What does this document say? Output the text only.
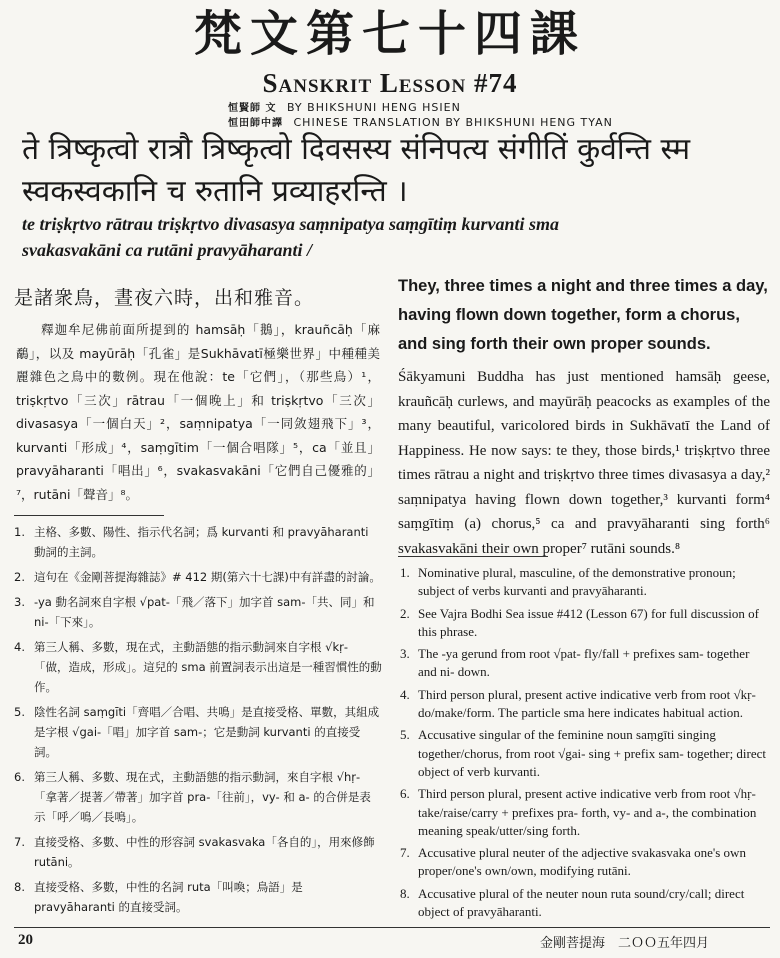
梵文第七十四課
Sanskrit Lesson #74
恒賢師 文 BY BHIKSHUNI HENG HSIEN
恒田師中譯 CHINESE TRANSLATION BY BHIKSHUNI HENG TYAN
ते त्रिष्कृत्वो रात्रौ त्रिष्कृत्वो दिवसस्य संनिपत्य संगीतिं कुर्वन्ति स्म
स्वकस्वकानि च रुतानि प्रव्याहरन्ति ।
te triṣkṛtvo rātrau triṣkṛtvo divasasya saṃnipatya saṃgītiṃ kurvanti sma
svakasvakāni ca rutāni pravyāharanti /
是諸衆鳥，晝夜六時，出和雅音。
釋迦牟尼佛前面所提到的 hamsāḥ「鵝」，krauñcāḥ「麻鷸」，以及 mayūrāḥ「孔雀」是Sukhāvatī極樂世界」中種種美麗雜色之鳥中的數例。現在他說：te「它們」，（那些鳥）¹，triṣkṛtvo「三次」rātrau「一個晚上」和 triṣkṛtvo「三次」divasasya「一個白天」²，saṃnipatya「一同敛翅飛下」³，kurvanti「形成」⁴，saṃgītim「一個合唱隊」⁵，ca「並且」pravyāharanti「唱出」⁶，svakasvakāni「它們自己優雅的」⁷，rutāni「聲音」⁸。
1. 主格、多數、陽性、指示代名詞；爲 kurvanti 和 pravyāharanti 動詞的主詞。
2. 這句在《金剛菩提海雜誌》# 412 期(第六十七課)中有詳盡的討論。
3. -ya 動名詞來自字根 √pat-「飛／落下」加字首 sam-「共、同」和 ni-「下來」。
4. 第三人稱、多數，現在式，主動語態的指示動詞來自字根 √kṛ-「做，造成，形成」。這兒的 sma 前置詞表示出這是一種習慣性的動作。
5. 陰性名詞 saṃgīti「齊唱／合唱、共鳴」是直接受格、單數，其組成是字根 √gai-「唱」加字首 sam-；它是動詞 kurvanti 的直接受詞。
6. 第三人稱、多數、現在式，主動語態的指示動詞，來自字根 √hṛ-「拿著／提著／帶著」加字首 pra-「往前」，vy- 和 a- 的合併是表示「呼／鳴／長鳴」。
7. 直接受格、多數、中性的形容詞 svakasvaka「各自的」，用來修飾 rutāni。
8. 直接受格、多數，中性的名詞 ruta「叫喚；鳥語」是 pravyāharanti 的直接受詞。
They, three times a night and three times a day, having flown down together, form a chorus, and sing forth their own proper sounds.
Śākyamuni Buddha has just mentioned hamsāḥ geese, krauñcāḥ curlews, and mayūrāḥ peacocks as examples of the many beautiful, varicolored birds in Sukhāvatī the Land of Happiness. He now says: te they, those birds,¹ triṣkṛtvo three times rātrau a night and triṣkṛtvo three times divasasya a day,² saṃnipatya having flown down together,³ kurvanti form⁴ saṃgītiṃ (a) chorus,⁵ ca and pravyāharanti sing forth⁶ svakasvakāni their own proper⁷ rutāni sounds.⁸
1. Nominative plural, masculine, of the demonstrative pronoun; subject of verbs kurvanti and pravyāharanti.
2. See Vajra Bodhi Sea issue #412 (Lesson 67) for full discussion of this phrase.
3. The -ya gerund from root √pat- fly/fall + prefixes sam- together and ni- down.
4. Third person plural, present active indicative verb from root √kṛ- do/make/form. The particle sma here indicates habitual action.
5. Accusative singular of the feminine noun saṃgīti singing together/chorus, from root √gai- sing + prefix sam- together; direct object of verb kurvanti.
6. Third person plural, present active indicative verb from root √hṛ- take/raise/carry + prefixes pra- forth, vy- and a-, the combination meaning speak/utter/sing forth.
7. Accusative plural neuter of the adjective svakasvaka one's own proper/one's own/own, modifying rutāni.
8. Accusative plural of the neuter noun ruta sound/cry/call; direct object of pravyāharanti.
20	金剛菩提海　二ＯＯ五年四月
